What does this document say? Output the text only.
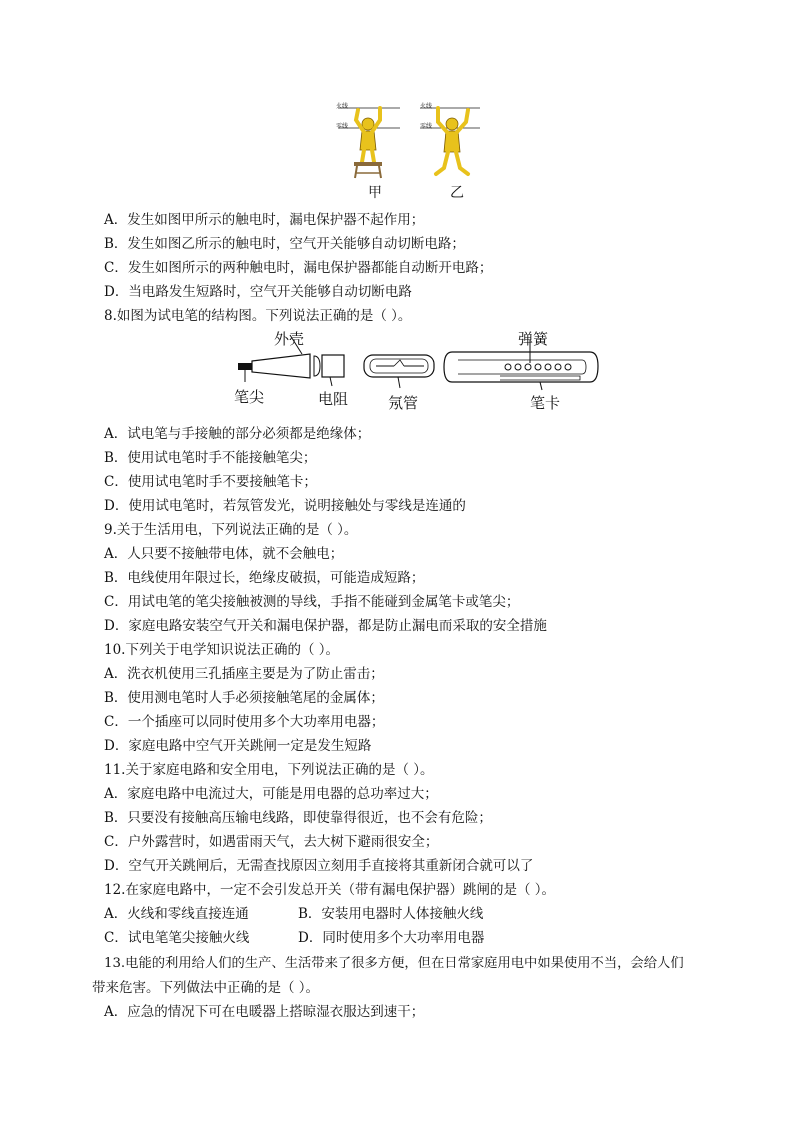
火线
零线
火线
零线
甲	乙
A．发生如图甲所示的触电时，漏电保护器不起作用；
B．发生如图乙所示的触电时，空气开关能够自动切断电路；
C．发生如图所示的两种触电时，漏电保护器都能自动断开电路；
D．当电路发生短路时，空气开关能够自动切断电路
8.如图为试电笔的结构图。下列说法正确的是（ ）。
外壳	弹簧
笔尖	电阻	氖管	笔卡
A．试电笔与手接触的部分必须都是绝缘体；
B．使用试电笔时手不能接触笔尖；
C．使用试电笔时手不要接触笔卡；
D．使用试电笔时，若氖管发光，说明接触处与零线是连通的
9.关于生活用电，下列说法正确的是（ ）。
A．人只要不接触带电体，就不会触电；
B．电线使用年限过长，绝缘皮破损，可能造成短路；
C．用试电笔的笔尖接触被测的导线，手指不能碰到金属笔卡或笔尖；
D．家庭电路安装空气开关和漏电保护器，都是防止漏电而采取的安全措施
10.下列关于电学知识说法正确的（ ）。
A．洗衣机使用三孔插座主要是为了防止雷击；
B．使用测电笔时人手必须接触笔尾的金属体；
C．一个插座可以同时使用多个大功率用电器；
D．家庭电路中空气开关跳闸一定是发生短路
11.关于家庭电路和安全用电，下列说法正确的是（ ）。
A．家庭电路中电流过大，可能是用电器的总功率过大；
B．只要没有接触高压输电线路，即使靠得很近，也不会有危险；
C．户外露营时，如遇雷雨天气，去大树下避雨很安全；
D．空气开关跳闸后，无需查找原因立刻用手直接将其重新闭合就可以了
12.在家庭电路中，一定不会引发总开关（带有漏电保护器）跳闸的是（ ）。
A．火线和零线直接连通	B．安装用电器时人体接触火线
C．试电笔笔尖接触火线	D．同时使用多个大功率用电器
13.电能的利用给人们的生产、生活带来了很多方便，但在日常家庭用电中如果使用不当，会给人们
带来危害。下列做法中正确的是（ ）。
A．应急的情况下可在电暖器上搭晾湿衣服达到速干；
